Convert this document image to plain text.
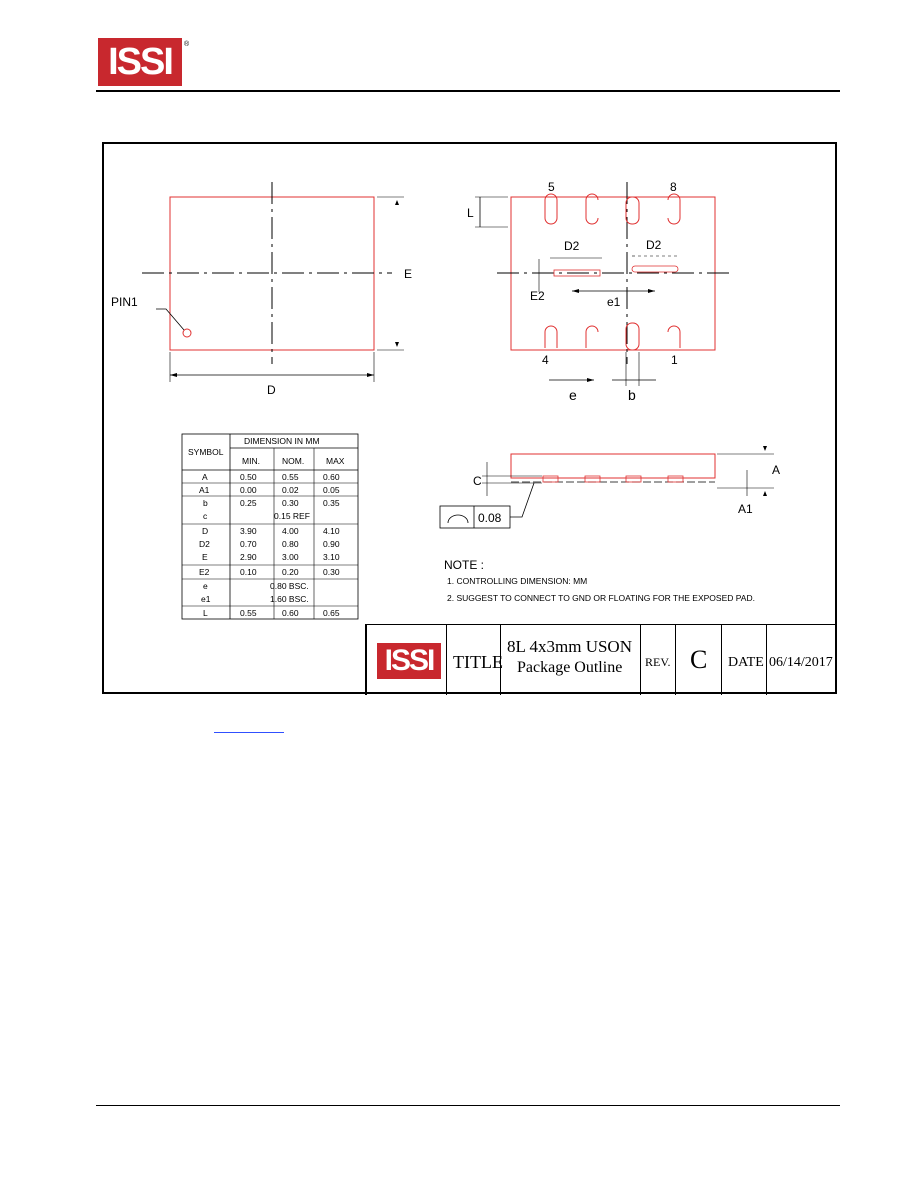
ISSI	®
PIN1
E
D
5	8
4	1
L
D2	D2
E2	e1
e	b
SYMBOL
DIMENSION IN MM
MIN.	NOM.	MAX
A	0.50	0.55	0.60
A1	0.00	0.02	0.05
b	0.25	0.30	0.35
c	0.15 REF
D	3.90	4.00	4.10
D2	0.70	0.80	0.90
E	2.90	3.00	3.10
E2	0.10	0.20	0.30
e	0.80 BSC.
e1	1.60 BSC.
L	0.55	0.60	0.65
A
A1
C
0.08
NOTE :
1. CONTROLLING DIMENSION: MM
2. SUGGEST TO CONNECT TO GND OR FLOATING FOR THE EXPOSED PAD.
ISSI	TITLE
8L 4x3mm USON
Package Outline REV. C DATE 06/14/2017
